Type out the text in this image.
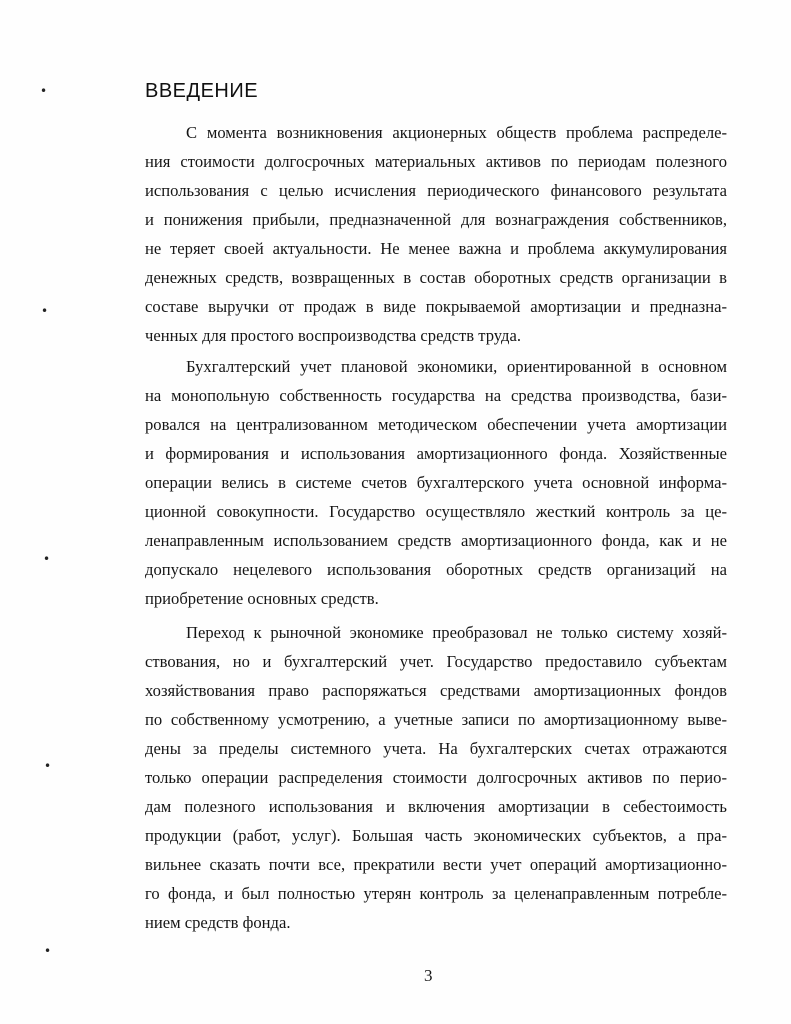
ВВЕДЕНИЕ
С момента возникновения акционерных обществ проблема распределе-
ния стоимости долгосрочных материальных активов по периодам полезного
использования с целью исчисления периодического финансового результата
и понижения прибыли, предназначенной для вознаграждения собственников,
не теряет своей актуальности. Не менее важна и проблема аккумулирования
денежных средств, возвращенных в состав оборотных средств организации в
составе выручки от продаж в виде покрываемой амортизации и предназна-
ченных для простого воспроизводства средств труда.
Бухгалтерский учет плановой экономики, ориентированной в основном
на монопольную собственность государства на средства производства, бази-
ровался на централизованном методическом обеспечении учета амортизации
и формирования и использования амортизационного фонда. Хозяйственные
операции велись в системе счетов бухгалтерского учета основной информа-
ционной совокупности. Государство осуществляло жесткий контроль за це-
ленаправленным использованием средств амортизационного фонда, как и не
допускало нецелевого использования оборотных средств организаций на
приобретение основных средств.
Переход к рыночной экономике преобразовал не только систему хозяй-
ствования, но и бухгалтерский учет. Государство предоставило субъектам
хозяйствования право распоряжаться средствами амортизационных фондов
по собственному усмотрению, а учетные записи по амортизационному выве-
дены за пределы системного учета. На бухгалтерских счетах отражаются
только операции распределения стоимости долгосрочных активов по перио-
дам полезного использования и включения амортизации в себестоимость
продукции (работ, услуг). Большая часть экономических субъектов, а пра-
вильнее сказать почти все, прекратили вести учет операций амортизационно-
го фонда, и был полностью утерян контроль за целенаправленным потребле-
нием средств фонда.
3
•
•
•
•
•
